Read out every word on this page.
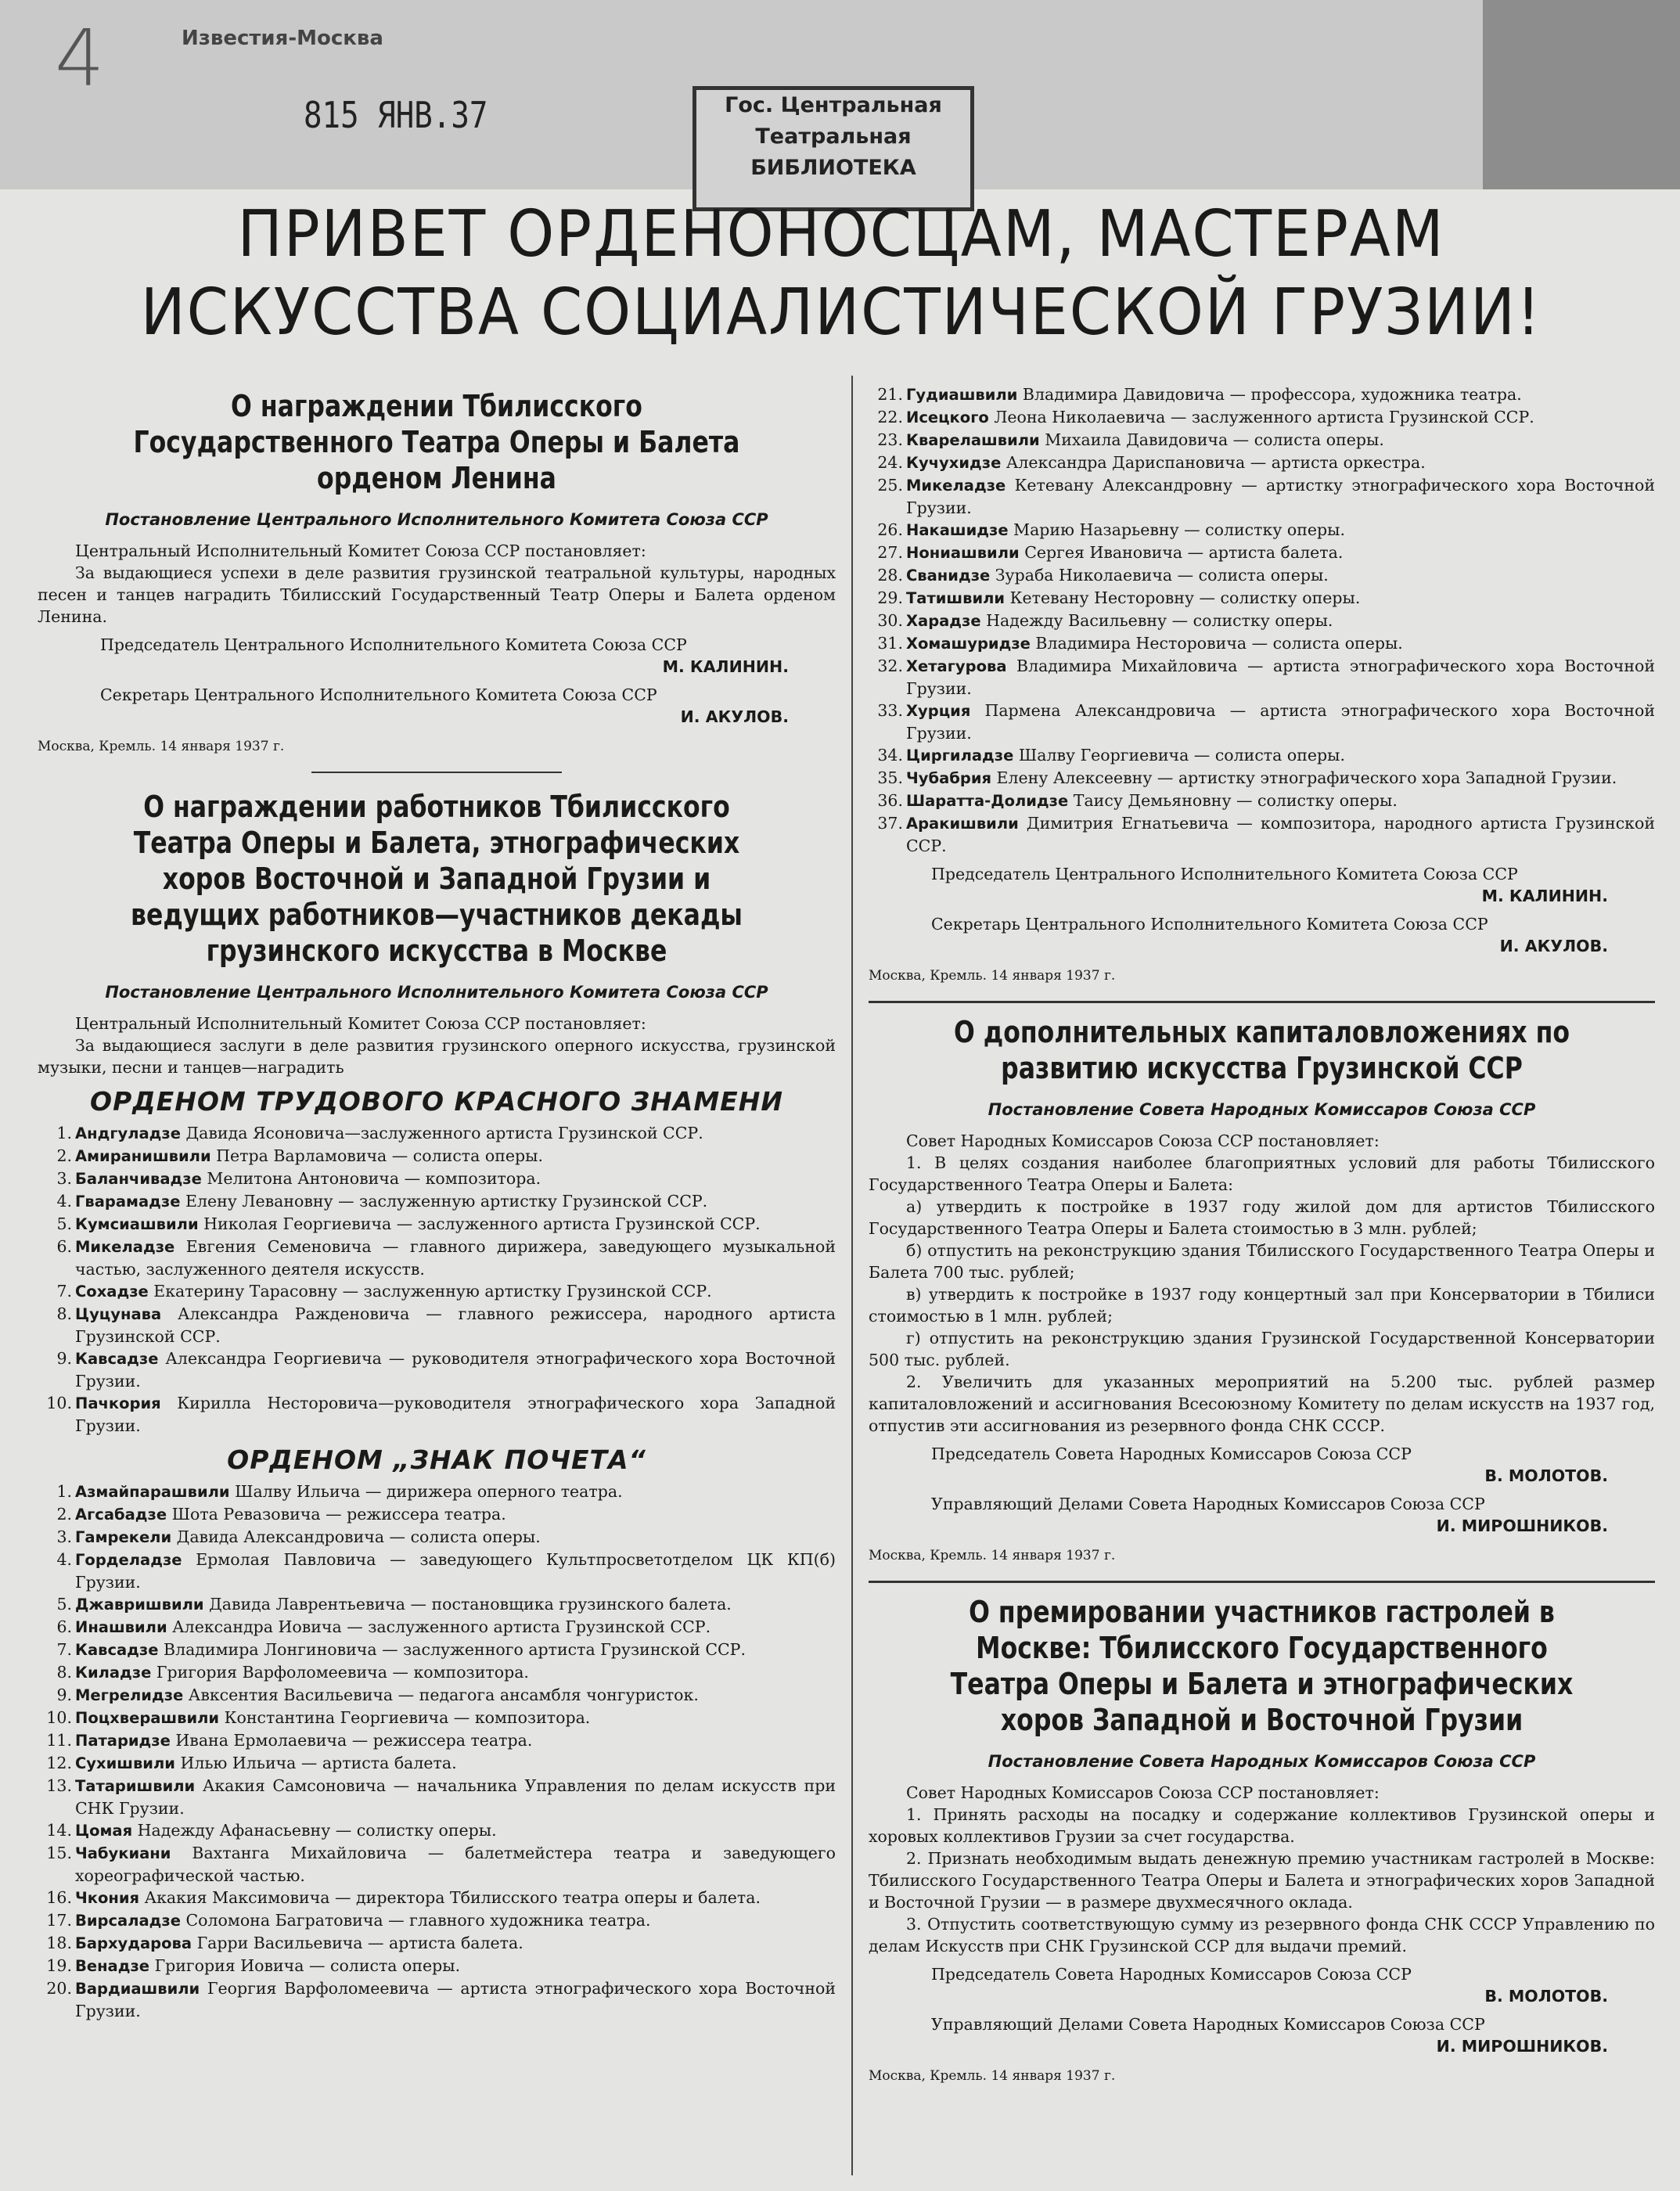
4	Известия-Москва
815 ЯНВ.37	Гос. Центральная
Театральная
БИБЛИОТЕКА
ПРИВЕТ ОРДЕНОНОСЦАМ, МАСТЕРАМ
ИСКУССТВА СОЦИАЛИСТИЧЕСКОЙ ГРУЗИИ!
О награждении Тбилисского Государственного Театра Оперы и Балета орденом Ленина
Постановление Центрального Исполнительного Комитета Союза ССР

Центральный Исполнительный Комитет Союза ССР постановляет:

За выдающиеся успехи в деле развития грузинской театральной культуры, народных песен и танцев наградить Тбилисский Государственный Театр Оперы и Балета орденом Ленина.

Председатель Центрального Исполнительного Комитета Союза ССР

М. КАЛИНИН.

Секретарь Центрального Исполнительного Комитета Союза ССР

И. АКУЛОВ.

Москва, Кремль. 14 января 1937 г.

О награждении работников Тбилисского Театра Оперы и Балета, этнографических хоров Восточной и Западной Грузии и ведущих работников—участников декады грузинского искусства в Москве
Постановление Центрального Исполнительного Комитета Союза ССР

Центральный Исполнительный Комитет Союза ССР постановляет:

За выдающиеся заслуги в деле развития грузинского оперного искусства, грузинской музыки, песни и танцев—наградить

ОРДЕНОМ ТРУДОВОГО КРАСНОГО ЗНАМЕНИ
1. Андгуладзе Давида Ясоновича—заслуженного артиста Грузинской ССР.
2. Амиранишвили Петра Варламовича — солиста оперы.
3. Баланчивадзе Мелитона Антоновича — композитора.
4. Гварамадзе Елену Левановну — заслуженную артистку Грузинской ССР.
5. Кумсиашвили Николая Георгиевича — заслуженного артиста Грузинской ССР.
6. Микеладзе Евгения Семеновича — главного дирижера, заведующего музыкальной частью, заслуженного деятеля искусств.
7. Сохадзе Екатерину Тарасовну — заслуженную артистку Грузинской ССР.
8. Цуцунава Александра Ражденовича — главного режиссера, народного артиста Грузинской ССР.
9. Кавсадзе Александра Георгиевича — руководителя этнографического хора Восточной Грузии.
10. Пачкория Кирилла Несторовича—руководителя этнографического хора Западной Грузии.
ОРДЕНОМ „ЗНАК ПОЧЕТА“
1. Азмайпарашвили Шалву Ильича — дирижера оперного театра.
2. Агсабадзе Шота Ревазовича — режиссера театра.
3. Гамрекели Давида Александровича — солиста оперы.
4. Горделадзе Ермолая Павловича — заведующего Культпросветотделом ЦК КП(б) Грузии.
5. Джавришвили Давида Лаврентьевича — постановщика грузинского балета.
6. Инашвили Александра Иовича — заслуженного артиста Грузинской ССР.
7. Кавсадзе Владимира Лонгиновича — заслуженного артиста Грузинской ССР.
8. Киладзе Григория Варфоломеевича — композитора.
9. Мегрелидзе Авксентия Васильевича — педагога ансамбля чонгуристок.
10. Поцхверашвили Константина Георгиевича — композитора.
11. Патаридзе Ивана Ермолаевича — режиссера театра.
12. Сухишвили Илью Ильича — артиста балета.
13. Татаришвили Акакия Самсоновича — начальника Управления по делам искусств при СНК Грузии.
14. Цомая Надежду Афанасьевну — солистку оперы.
15. Чабукиани Вахтанга Михайловича — балетмейстера театра и заведующего хореографической частью.
16. Чкония Акакия Максимовича — директора Тбилисского театра оперы и балета.
17. Вирсаладзе Соломона Багратовича — главного художника театра.
18. Бархударова Гарри Васильевича — артиста балета.
19. Венадзе Григория Иовича — солиста оперы.
20. Вардиашвили Георгия Варфоломеевича — артиста этнографического хора Восточной Грузии.
21. Гудиашвили Владимира Давидовича — профессора, художника театра.
22. Исецкого Леона Николаевича — заслуженного артиста Грузинской ССР.
23. Кварелашвили Михаила Давидовича — солиста оперы.
24. Кучухидзе Александра Дариспановича — артиста оркестра.
25. Микеладзе Кетевану Александровну — артистку этнографического хора Восточной Грузии.
26. Накашидзе Марию Назарьевну — солистку оперы.
27. Нониашвили Сергея Ивановича — артиста балета.
28. Сванидзе Зураба Николаевича — солиста оперы.
29. Татишвили Кетевану Несторовну — солистку оперы.
30. Харадзе Надежду Васильевну — солистку оперы.
31. Хомашуридзе Владимира Несторовича — солиста оперы.
32. Хетагурова Владимира Михайловича — артиста этнографического хора Восточной Грузии.
33. Хурция Пармена Александровича — артиста этнографического хора Восточной Грузии.
34. Циргиладзе Шалву Георгиевича — солиста оперы.
35. Чубабрия Елену Алексеевну — артистку этнографического хора Западной Грузии.
36. Шаратта-Долидзе Таису Демьяновну — солистку оперы.
37. Аракишвили Димитрия Егнатьевича — композитора, народного артиста Грузинской ССР.

Председатель Центрального Исполнительного Комитета Союза ССР

М. КАЛИНИН.

Секретарь Центрального Исполнительного Комитета Союза ССР

И. АКУЛОВ.

Москва, Кремль. 14 января 1937 г.

О дополнительных капиталовложениях по развитию искусства Грузинской ССР
Постановление Совета Народных Комиссаров Союза ССР

Совет Народных Комиссаров Союза ССР постановляет:

1. В целях создания наиболее благоприятных условий для работы Тбилисского Государственного Театра Оперы и Балета:

а) утвердить к постройке в 1937 году жилой дом для артистов Тбилисского Государственного Театра Оперы и Балета стоимостью в 3 млн. рублей;

б) отпустить на реконструкцию здания Тбилисского Государственного Театра Оперы и Балета 700 тыс. рублей;

в) утвердить к постройке в 1937 году концертный зал при Консерватории в Тбилиси стоимостью в 1 млн. рублей;

г) отпустить на реконструкцию здания Грузинской Государственной Консерватории 500 тыс. рублей.

2. Увеличить для указанных мероприятий на 5.200 тыс. рублей размер капиталовложений и ассигнования Всесоюзному Комитету по делам искусств на 1937 год, отпустив эти ассигнования из резервного фонда СНК СССР.

Председатель Совета Народных Комиссаров Союза ССР

В. МОЛОТОВ.

Управляющий Делами Совета Народных Комиссаров Союза ССР

И. МИРОШНИКОВ.

Москва, Кремль. 14 января 1937 г.

О премировании участников гастролей в Москве: Тбилисского Государственного Театра Оперы и Балета и этнографических хоров Западной и Восточной Грузии
Постановление Совета Народных Комиссаров Союза ССР

Совет Народных Комиссаров Союза ССР постановляет:

1. Принять расходы на посадку и содержание коллективов Грузинской оперы и хоровых коллективов Грузии за счет государства.

2. Признать необходимым выдать денежную премию участникам гастролей в Москве: Тбилисского Государственного Театра Оперы и Балета и этнографических хоров Западной и Восточной Грузии — в размере двухмесячного оклада.

3. Отпустить соответствующую сумму из резервного фонда СНК СССР Управлению по делам Искусств при СНК Грузинской ССР для выдачи премий.

Председатель Совета Народных Комиссаров Союза ССР

В. МОЛОТОВ.

Управляющий Делами Совета Народных Комиссаров Союза ССР

И. МИРОШНИКОВ.

Москва, Кремль. 14 января 1937 г.
